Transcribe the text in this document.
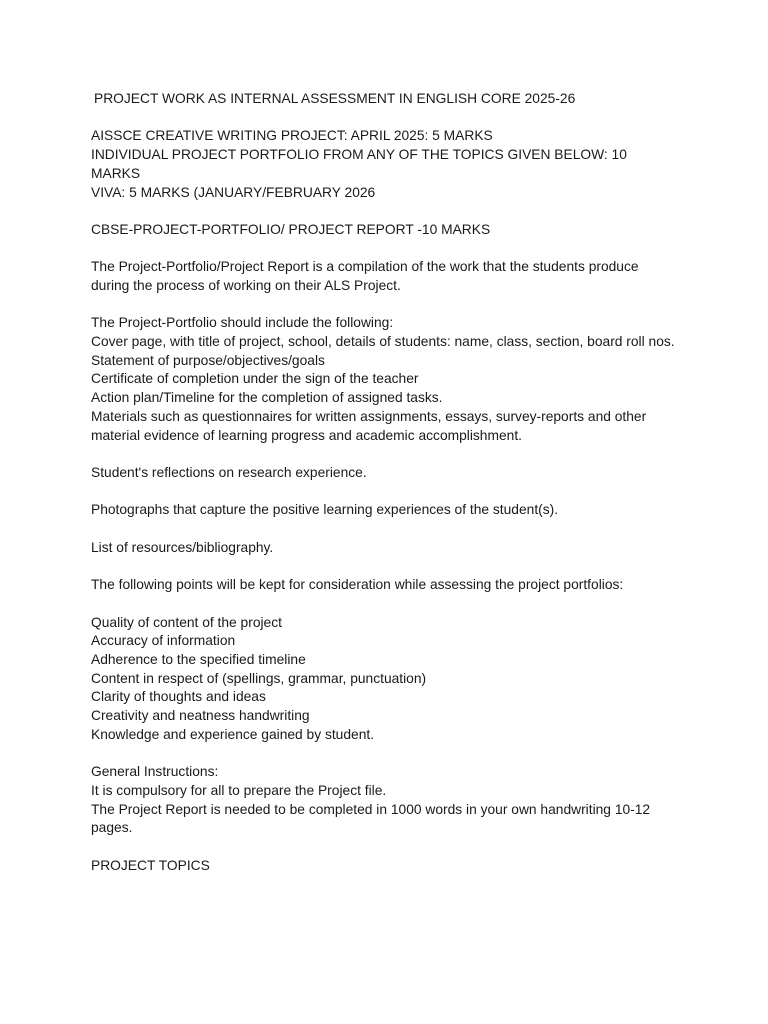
PROJECT WORK AS INTERNAL ASSESSMENT IN ENGLISH CORE 2025-26
AISSCE CREATIVE WRITING PROJECT: APRIL 2025: 5 MARKS
INDIVIDUAL PROJECT PORTFOLIO FROM ANY OF THE TOPICS GIVEN BELOW: 10
MARKS
VIVA: 5 MARKS (JANUARY/FEBRUARY 2026
CBSE-PROJECT-PORTFOLIO/ PROJECT REPORT -10 MARKS
The Project-Portfolio/Project Report is a compilation of the work that the students produce
during the process of working on their ALS Project.
The Project-Portfolio should include the following:
Cover page, with title of project, school, details of students: name, class, section, board roll nos.
Statement of purpose/objectives/goals
Certificate of completion under the sign of the teacher
Action plan/Timeline for the completion of assigned tasks.
Materials such as questionnaires for written assignments, essays, survey-reports and other
material evidence of learning progress and academic accomplishment.
Student's reflections on research experience.
Photographs that capture the positive learning experiences of the student(s).
List of resources/bibliography.
The following points will be kept for consideration while assessing the project portfolios:
Quality of content of the project
Accuracy of information
Adherence to the specified timeline
Content in respect of (spellings, grammar, punctuation)
Clarity of thoughts and ideas
Creativity and neatness handwriting
Knowledge and experience gained by student.
General Instructions:
It is compulsory for all to prepare the Project file.
The Project Report is needed to be completed in 1000 words in your own handwriting 10-12
pages.
PROJECT TOPICS
